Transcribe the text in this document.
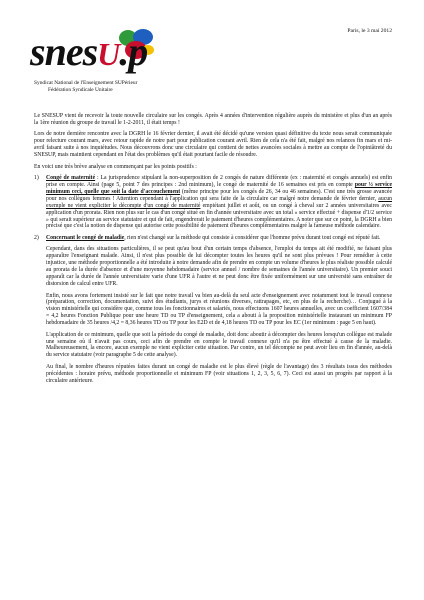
Paris, le 3 mai 2012
snesU.p
Syndicat National de l'Enseignement SUPérieur
Fédération Syndicale Unitaire

Le SNESUP vient de recevoir la toute nouvelle circulaire sur les congés. Après 4 années d'intervention régulière auprès du ministère et plus d'un an après la 1ère réunion du groupe de travail le 1-2-2011, il était temps !

Lors de notre dernière rencontre avec la DGRH le 16 février dernier, il avait été décidé qu'une version quasi définitive du texte nous serait communiquée pour relecture courant mars, avec retour rapide de notre part pour publication courant avril. Rien de cela n'a été fait, malgré nos relances fin mars et mi-avril faisant suite à nos inquiétudes. Nous découvrons donc une circulaire qui contient de nettes avancées sociales à mettre au compte de l'opiniâtreté du SNESUP, mais maintient cependant en l'état des problèmes qu'il était pourtant facile de résoudre.

En voici une très brève analyse en commençant par les points positifs :

1)	Congé de maternité : La jurisprudence stipulant la non-superposition de 2 congés de nature différente (ex : maternité et congés annuels) est enfin prise en compte. Ainsi (page 5, point 7 des principes : 2nd minimum), le congé de maternité de 16 semaines est pris en compte pour ½ service minimum ceci, quelle que soit la date d'accouchement (même principe pour les congés de 26, 34 ou 46 semaines). C'est une très grosse avancée pour nos collègues femmes ! Attention cependant à l'application qui sera faite de la circulaire car malgré notre demande de février dernier, aucun exemple ne vient expliciter le décompte d'un congé de maternité empiétant juillet et août, ou un congé à cheval sur 2 années universitaires avec application d'un prorata. Rien non plus sur le cas d'un congé situé en fin d'année universitaire avec un total « service effectué + dispense d'1/2 service » qui serait supérieur au service statutaire et qui de fait, engendrerait le paiement d'heures complémentaires. A noter que sur ce point, la DGRH a bien précisé que c'est la notion de dispense qui autorise cette possibilité de paiement d'heures complémentaires malgré la fameuse méthode calendaire.

2)	Concernant le congé de maladie, rien n'est changé sur la méthode qui consiste à considérer que l'homme prévu durant tout congé est réputé fait.

Cependant, dans des situations particulières, il se peut qu'au bout d'un certain temps d'absence, l'emploi du temps ait été modifié, ne faisant plus apparaître l'enseignant malade. Ainsi, il n'est plus possible de lui décompter toutes les heures qu'il ne sont plus prévues ! Pour remédier à cette injustice, une méthode proportionnelle a été introduite à notre demande afin de prendre en compte un volume d'heures le plus réaliste possible calculé au prorata de la durée d'absence et d'une moyenne hebdomadaire (service annuel / nombre de semaines de l'année universitaire). Un premier souci apparaît car la durée de l'année universitaire varie d'une UFR à l'autre et ne peut donc être fixée uniformément sur une université sans entraîner de distorsion de calcul entre UFR.

Enfin, nous avons fortement insisté sur le fait que notre travail va bien au-delà du seul acte d'enseignement avec notamment tout le travail connexe (préparation, correction, documentation, suivi des étudiants, jurys et réunions diverses, rattrapages, etc, en plus de la recherche)… Conjugué à la vision ministérielle qui considère que, comme tous les fonctionnaires et salariés, nous effectuons 1607 heures annuelles, avec un coefficient 1607/384 = 4,2 heures Fonction Publique pour une heure TD ou TP d'enseignement, cela a abouti à la proposition ministérielle instaurant un minimum FP hebdomadaire de 35 heures /4,2 = 8,36 heures TD ou TP pour les E2D et de 4,18 heures TD ou TP pour les EC (1er minimum : page 5 en haut).

L'application de ce minimum, quelle que soit la période du congé de maladie, doit donc aboutir à décompter des heures lorsqu'un collègue est malade une semaine où il n'avait pas cours, ceci afin de prendre en compte le travail connexe qu'il n'a pu être effectué à cause de la maladie. Malheureusement, la encore, aucun exemple ne vient expliciter cette situation. Par contre, un tel décompte ne peut avoir lieu en fin d'année, au-delà du service statutaire (voir paragraphe 5 de cette analyse).

Au final, le nombre d'heures réputées faites durant un congé de maladie est le plus élevé (règle de l'avantage) des 3 résultats issus des méthodes précédentes : horaire prévu, méthode proportionnelle et minimum FP (voir situations 1, 2, 3, 5, 6, 7). Ceci est aussi un progrès par rapport à la circulaire antérieure.
